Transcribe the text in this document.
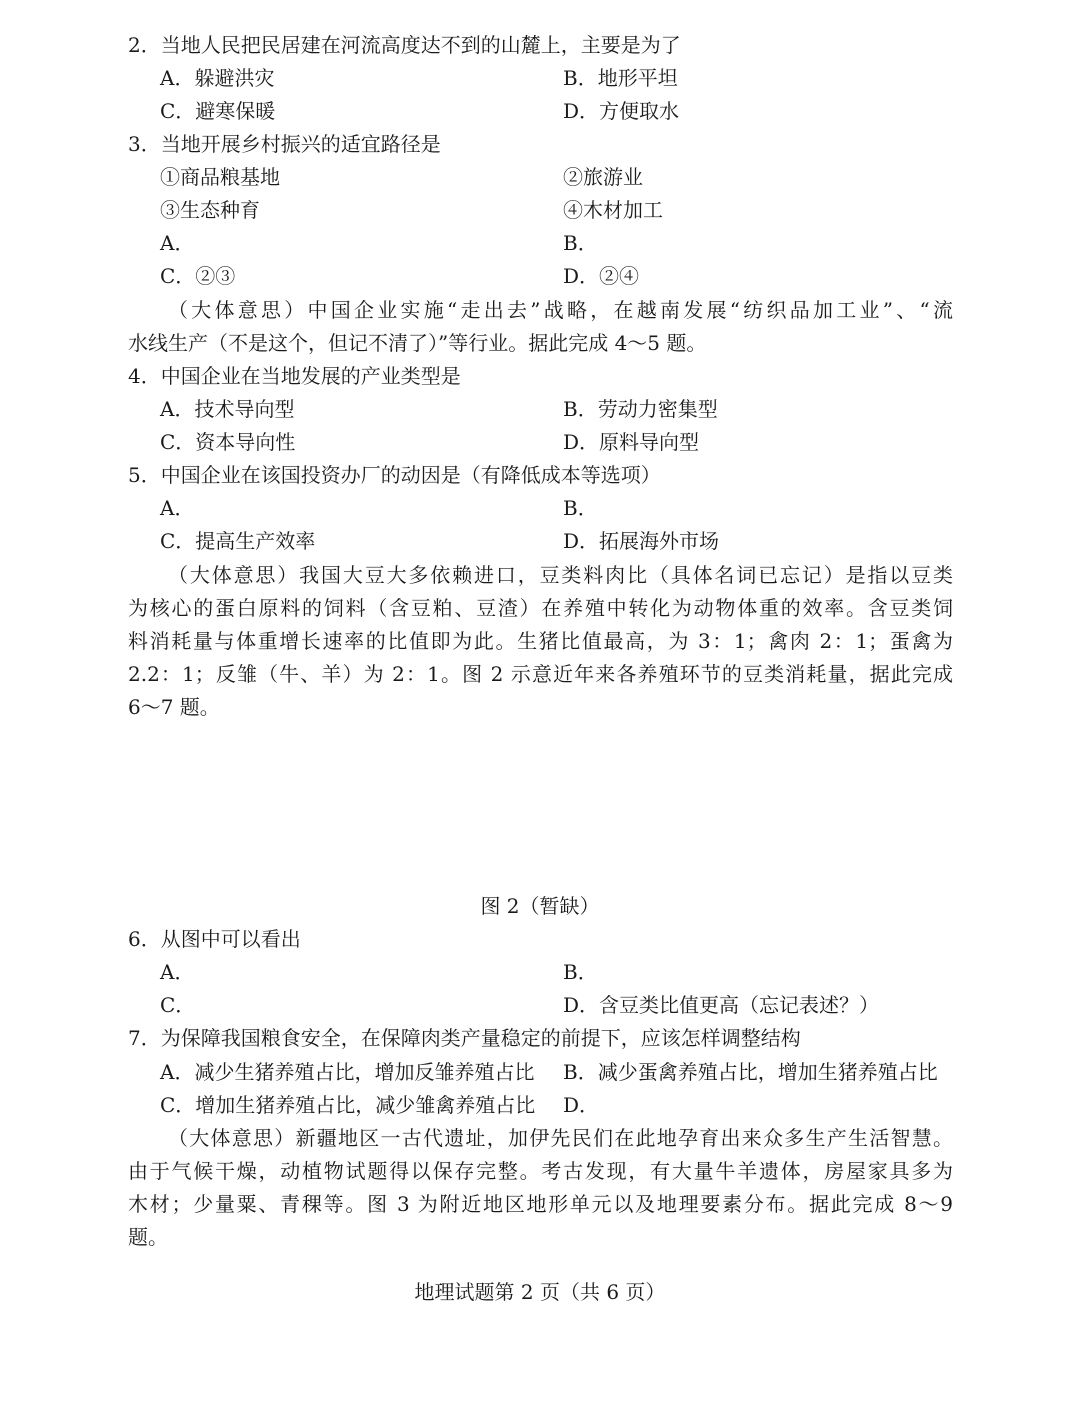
2．当地人民把民居建在河流高度达不到的山麓上，主要是为了
A．躲避洪灾	B．地形平坦
C．避寒保暖	D．方便取水
3．当地开展乡村振兴的适宜路径是
①商品粮基地	②旅游业
③生态种育	④木材加工
A．	B．
C．②③	D．②④
（大体意思）中国企业实施“走出去”战略，在越南发展“纺织品加工业”、“流
水线生产（不是这个，但记不清了）”等行业。据此完成 4～5 题。
4．中国企业在当地发展的产业类型是
A．技术导向型	B．劳动力密集型
C．资本导向性	D．原料导向型
5．中国企业在该国投资办厂的动因是（有降低成本等选项）
A．	B．
C．提高生产效率	D．拓展海外市场
（大体意思）我国大豆大多依赖进口，豆类料肉比（具体名词已忘记）是指以豆类
为核心的蛋白原料的饲料（含豆粕、豆渣）在养殖中转化为动物体重的效率。含豆类饲
料消耗量与体重增长速率的比值即为此。生猪比值最高，为 3：1；禽肉 2：1；蛋禽为
2.2：1；反雏（牛、羊）为 2：1。图 2 示意近年来各养殖环节的豆类消耗量，据此完成
6～7 题。
图 2（暂缺）
6．从图中可以看出
A．	B．
C．	D．含豆类比值更高（忘记表述？）
7．为保障我国粮食安全，在保障肉类产量稳定的前提下，应该怎样调整结构
A．减少生猪养殖占比，增加反雏养殖占比 B．减少蛋禽养殖占比，增加生猪养殖占比
C．增加生猪养殖占比，减少雏禽养殖占比 D．
（大体意思）新疆地区一古代遗址，加伊先民们在此地孕育出来众多生产生活智慧。
由于气候干燥，动植物试题得以保存完整。考古发现，有大量牛羊遗体，房屋家具多为
木材；少量粟、青稞等。图 3 为附近地区地形单元以及地理要素分布。据此完成 8～9
题。
地理试题第 2 页（共 6 页）
